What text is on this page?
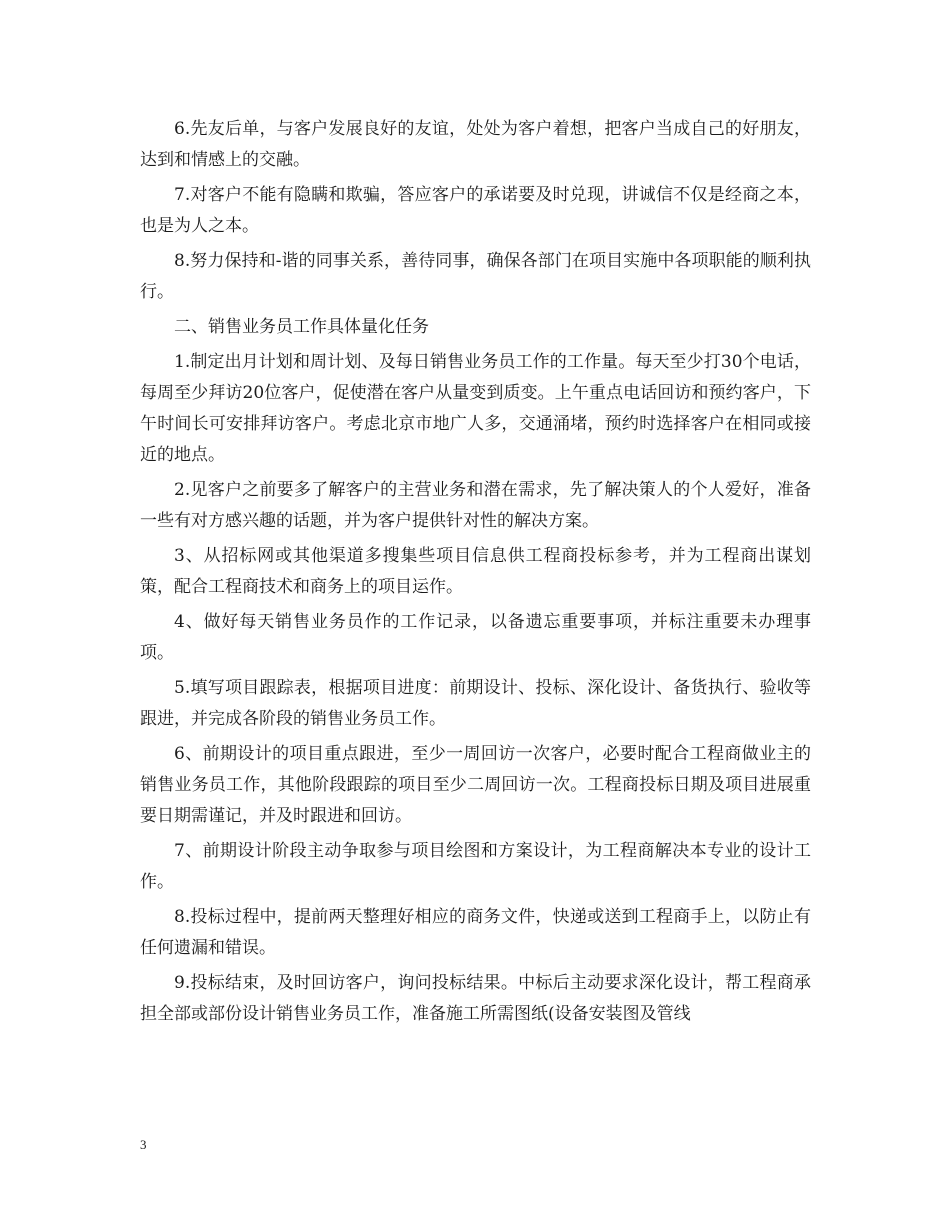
6.先友后单，与客户发展良好的友谊，处处为客户着想，把客户当成自己的好朋友，达到和情感上的交融。

7.对客户不能有隐瞒和欺骗，答应客户的承诺要及时兑现，讲诚信不仅是经商之本，也是为人之本。

8.努力保持和-谐的同事关系，善待同事，确保各部门在项目实施中各项职能的顺利执行。

二、销售业务员工作具体量化任务

1.制定出月计划和周计划、及每日销售业务员工作的工作量。每天至少打30个电话，每周至少拜访20位客户，促使潜在客户从量变到质变。上午重点电话回访和预约客户，下午时间长可安排拜访客户。考虑北京市地广人多，交通涌堵，预约时选择客户在相同或接近的地点。

2.见客户之前要多了解客户的主营业务和潜在需求，先了解决策人的个人爱好，准备一些有对方感兴趣的话题，并为客户提供针对性的解决方案。

3、从招标网或其他渠道多搜集些项目信息供工程商投标参考，并为工程商出谋划策，配合工程商技术和商务上的项目运作。

4、做好每天销售业务员作的工作记录，以备遗忘重要事项，并标注重要未办理事项。

5.填写项目跟踪表，根据项目进度：前期设计、投标、深化设计、备货执行、验收等跟进，并完成各阶段的销售业务员工作。

6、前期设计的项目重点跟进，至少一周回访一次客户，必要时配合工程商做业主的销售业务员工作，其他阶段跟踪的项目至少二周回访一次。工程商投标日期及项目进展重要日期需谨记，并及时跟进和回访。

7、前期设计阶段主动争取参与项目绘图和方案设计，为工程商解决本专业的设计工作。

8.投标过程中，提前两天整理好相应的商务文件，快递或送到工程商手上，以防止有任何遗漏和错误。

9.投标结束，及时回访客户，询问投标结果。中标后主动要求深化设计，帮工程商承担全部或部份设计销售业务员工作，准备施工所需图纸(设备安装图及管线

3
